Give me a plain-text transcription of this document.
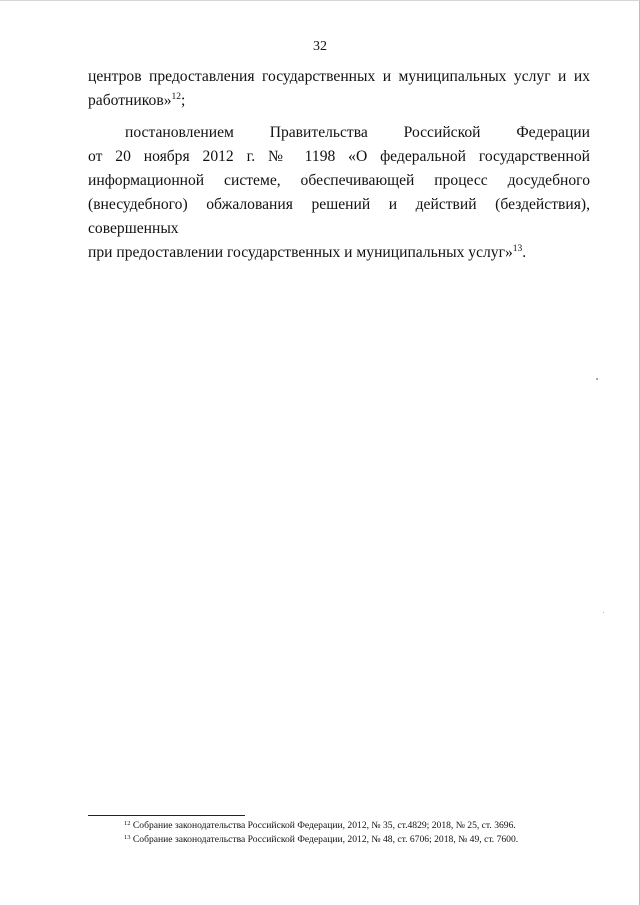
32

центров предоставления государственных и муниципальных услуг и их
работников»$^{12}$;

постановлением Правительства Российской Федерации
от 20 ноября 2012 г. № 1198 «О федеральной государственной
информационной системе, обеспечивающей процесс досудебного
(внесудебного) обжалования решений и действий (бездействия), совершенных
при предоставлении государственных и муниципальных услуг»$^{13}$.

$^{12}$ Собрание законодательства Российской Федерации, 2012, № 35, ст.4829; 2018, № 25, ст. 3696.
$^{13}$ Собрание законодательства Российской Федерации, 2012, № 48, ст. 6706; 2018, № 49, ст. 7600.
